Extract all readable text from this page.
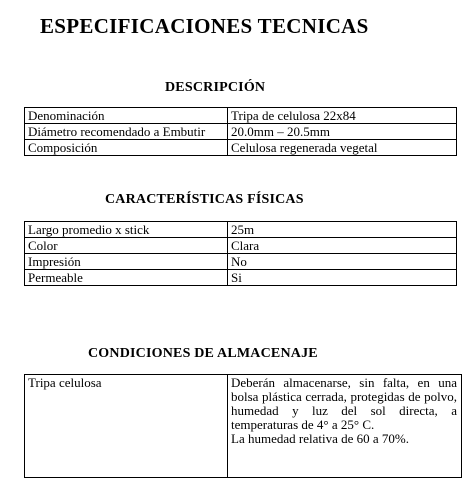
ESPECIFICACIONES TECNICAS
DESCRIPCIÓN
Denominación	Tripa de celulosa 22x84
Diámetro recomendado a Embutir	20.0mm – 20.5mm
Composición	Celulosa regenerada vegetal
CARACTERÍSTICAS FÍSICAS
Largo promedio x stick	25m
Color	Clara
Impresión	No
Permeable	Si
CONDICIONES DE ALMACENAJE
Tripa celulosa	Deberán almacenarse, sin falta, en una bolsa plástica cerrada, protegidas de polvo, humedad y luz del sol directa, a temperaturas de 4° a 25° C.
La humedad relativa de 60 a 70%.
